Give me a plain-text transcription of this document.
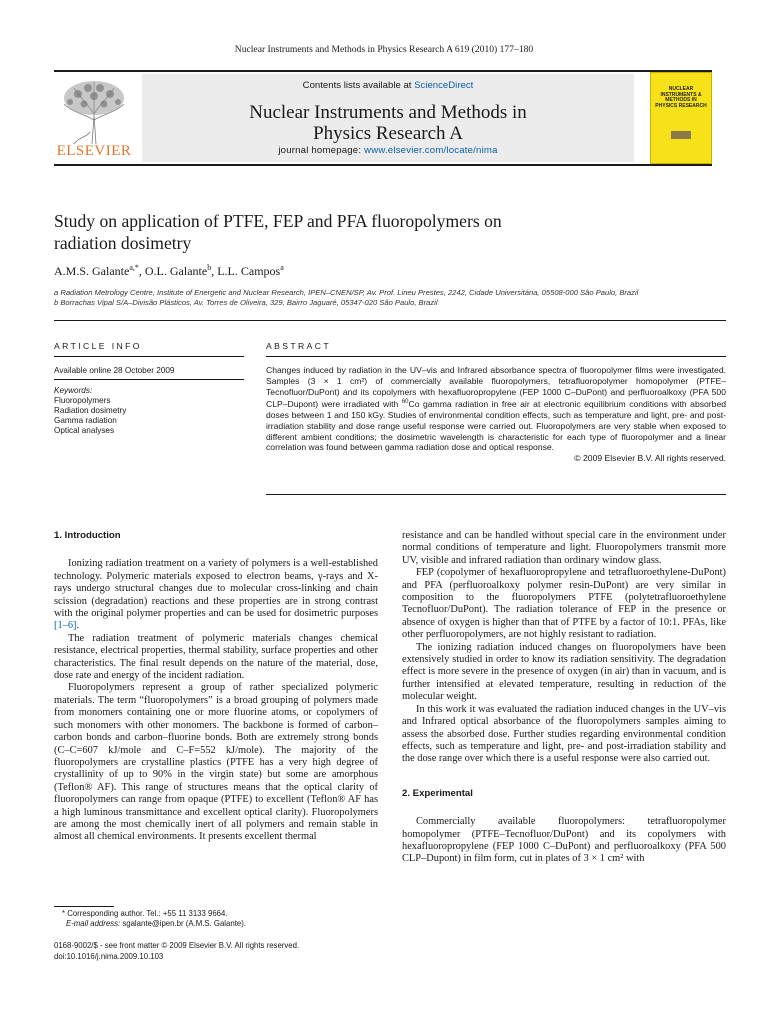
Nuclear Instruments and Methods in Physics Research A 619 (2010) 177–180
ELSEVIER
Contents lists available at ScienceDirect
Nuclear Instruments and Methods in
Physics Research A
journal homepage: www.elsevier.com/locate/nima
NUCLEAR INSTRUMENTS & METHODS IN PHYSICS RESEARCH
Study on application of PTFE, FEP and PFA fluoropolymers on
radiation dosimetry
A.M.S. Galante$^{a,*}$, O.L. Galante$^b$, L.L. Campos$^a$
a Radiation Metrology Centre, Institute of Energetic and Nuclear Research, IPEN–CNEN/SP, Av. Prof. Lineu Prestes, 2242, Cidade Universitária, 05508-000 São Paulo, Brazil
b Borrachas Vipal S/A–Divisão Plásticos, Av. Torres de Oliveira, 329, Bairro Jaguaré, 05347-020 São Paulo, Brazil
ARTICLE INFO	ABSTRACT
Available online 28 October 2009
Keywords:
Fluoropolymers
Radiation dosimetry
Gamma radiation
Optical analyses
Changes induced by radiation in the UV–vis and Infrared absorbance spectra of fluoropolymer films were investigated. Samples (3 × 1 cm²) of commercially available fluoropolymers, tetrafluoropolymer homopolymer (PTFE–Tecnofluor/DuPont) and its copolymers with hexafluoropropylene (FEP 1000 C–DuPont) and perfluoroalkoxy (PFA 500 CLP–Dupont) were irradiated with $^{60}$Co gamma radiation in free air at electronic equilibrium conditions with absorbed doses between 1 and 150 kGy. Studies of environmental condition effects, such as temperature and light, pre- and post-irradiation stability and dose range useful response were carried out. Fluoropolymers are very stable when exposed to different ambient conditions; the dosimetric wavelength is characteristic for each type of fluoropolymer and a linear correlation was found between gamma radiation dose and optical response.
© 2009 Elsevier B.V. All rights reserved.
1. Introduction

Ionizing radiation treatment on a variety of polymers is a well-established technology. Polymeric materials exposed to electron beams, γ-rays and X-rays undergo structural changes due to molecular cross-linking and chain scission (degradation) reactions and these properties are in strong contrast with the original polymer properties and can be used for dosimetric purposes [1–6].

The radiation treatment of polymeric materials changes chemical resistance, electrical properties, thermal stability, surface properties and other characteristics. The final result depends on the nature of the material, dose, dose rate and energy of the incident radiation.

Fluoropolymers represent a group of rather specialized polymeric materials. The term “fluoropolymers” is a broad grouping of polymers made from monomers containing one or more fluorine atoms, or copolymers of such monomers with other monomers. The backbone is formed of carbon–carbon bonds and carbon–fluorine bonds. Both are extremely strong bonds (C–C=607 kJ/mole and C–F=552 kJ/mole). The majority of the fluoropolymers are crystalline plastics (PTFE has a very high degree of crystallinity of up to 90% in the virgin state) but some are amorphous (Teflon® AF). This range of structures means that the optical clarity of fluoropolymers can range from opaque (PTFE) to excellent (Teflon® AF has a high luminous transmittance and excellent optical clarity). Fluoropolymers are among the most chemically inert of all polymers and remain stable in almost all chemical environments. It presents excellent thermal

* Corresponding author. Tel.: +55 11 3133 9664.
E-mail address: sgalante@ipen.br (A.M.S. Galante).
0168-9002/$ - see front matter © 2009 Elsevier B.V. All rights reserved.
doi:10.1016/j.nima.2009.10.103

resistance and can be handled without special care in the environment under normal conditions of temperature and light. Fluoropolymers transmit more UV, visible and infrared radiation than ordinary window glass.

FEP (copolymer of hexafluoropropylene and tetrafluoroethylene-DuPont) and PFA (perfluoroalkoxy polymer resin-DuPont) are very similar in composition to the fluoropolymers PTFE (polytetrafluoroethylene Tecnofluor/DuPont). The radiation tolerance of FEP in the presence or absence of oxygen is higher than that of PTFE by a factor of 10:1. PFAs, like other perfluoropolymers, are not highly resistant to radiation.

The ionizing radiation induced changes on fluoropolymers have been extensively studied in order to know its radiation sensitivity. The degradation effect is more severe in the presence of oxygen (in air) than in vacuum, and is further intensified at elevated temperature, resulting in reduction of the molecular weight.

In this work it was evaluated the radiation induced changes in the UV–vis and Infrared optical absorbance of the fluoropolymers samples aiming to assess the absorbed dose. Further studies regarding environmental condition effects, such as temperature and light, pre- and post-irradiation stability and the dose range over which there is a useful response were also carried out.

2. Experimental

Commercially available fluoropolymers: tetrafluoropolymer homopolymer (PTFE–Tecnofluor/DuPont) and its copolymers with hexafluoropropylene (FEP 1000 C–DuPont) and perfluoroalkoxy (PFA 500 CLP–Dupont) in film form, cut in plates of 3 × 1 cm² with
